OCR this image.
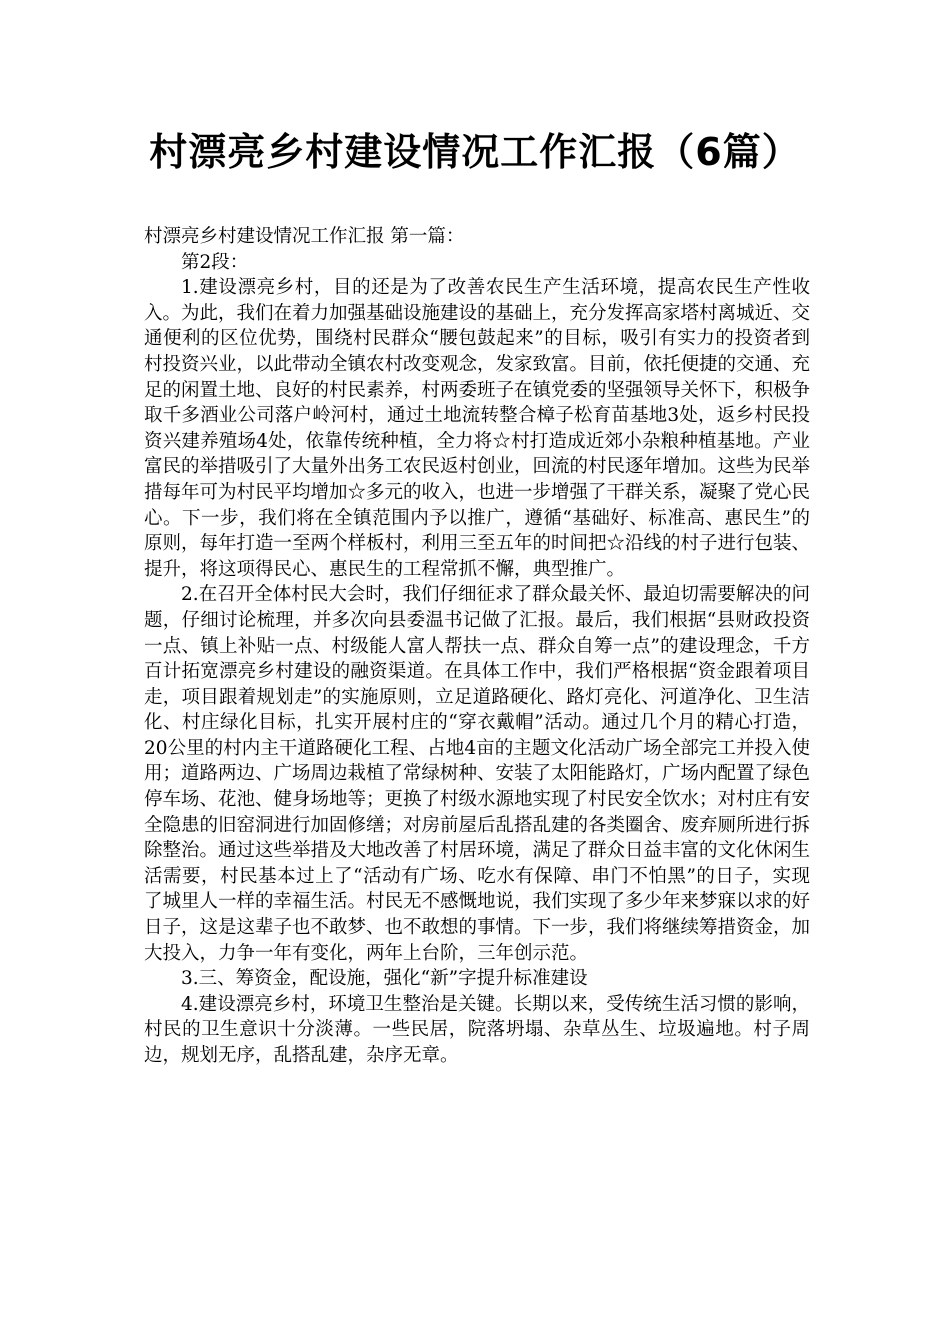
村漂亮乡村建设情况工作汇报（6篇）

村漂亮乡村建设情况工作汇报 第一篇：

第2段：

1.建设漂亮乡村，目的还是为了改善农民生产生活环境，提高农民生产性收入。为此，我们在着力加强基础设施建设的基础上，充分发挥高家塔村离城近、交通便利的区位优势，围绕村民群众“腰包鼓起来”的目标，吸引有实力的投资者到村投资兴业，以此带动全镇农村改变观念，发家致富。目前，依托便捷的交通、充足的闲置土地、良好的村民素养，村两委班子在镇党委的坚强领导关怀下，积极争取千多酒业公司落户岭河村，通过土地流转整合樟子松育苗基地3处，返乡村民投资兴建养殖场4处，依靠传统种植，全力将☆村打造成近郊小杂粮种植基地。产业富民的举措吸引了大量外出务工农民返村创业，回流的村民逐年增加。这些为民举措每年可为村民平均增加☆多元的收入，也进一步增强了干群关系，凝聚了党心民心。下一步，我们将在全镇范围内予以推广，遵循“基础好、标准高、惠民生”的原则，每年打造一至两个样板村，利用三至五年的时间把☆沿线的村子进行包装、提升，将这项得民心、惠民生的工程常抓不懈，典型推广。

2.在召开全体村民大会时，我们仔细征求了群众最关怀、最迫切需要解决的问题，仔细讨论梳理，并多次向县委温书记做了汇报。最后，我们根据“县财政投资一点、镇上补贴一点、村级能人富人帮扶一点、群众自筹一点”的建设理念，千方百计拓宽漂亮乡村建设的融资渠道。在具体工作中，我们严格根据“资金跟着项目走，项目跟着规划走”的实施原则，立足道路硬化、路灯亮化、河道净化、卫生洁化、村庄绿化目标，扎实开展村庄的“穿衣戴帽”活动。通过几个月的精心打造，20公里的村内主干道路硬化工程、占地4亩的主题文化活动广场全部完工并投入使用；道路两边、广场周边栽植了常绿树种、安装了太阳能路灯，广场内配置了绿色停车场、花池、健身场地等；更换了村级水源地实现了村民安全饮水；对村庄有安全隐患的旧窑洞进行加固修缮；对房前屋后乱搭乱建的各类圈舍、废弃厕所进行拆除整治。通过这些举措及大地改善了村居环境，满足了群众日益丰富的文化休闲生活需要，村民基本过上了“活动有广场、吃水有保障、串门不怕黑”的日子，实现了城里人一样的幸福生活。村民无不感慨地说，我们实现了多少年来梦寐以求的好日子，这是这辈子也不敢梦、也不敢想的事情。下一步，我们将继续筹措资金，加大投入，力争一年有变化，两年上台阶，三年创示范。

3.三、筹资金，配设施，强化“新”字提升标准建设

4.建设漂亮乡村，环境卫生整治是关键。长期以来，受传统生活习惯的影响，村民的卫生意识十分淡薄。一些民居，院落坍塌、杂草丛生、垃圾遍地。村子周边，规划无序，乱搭乱建，杂序无章。
